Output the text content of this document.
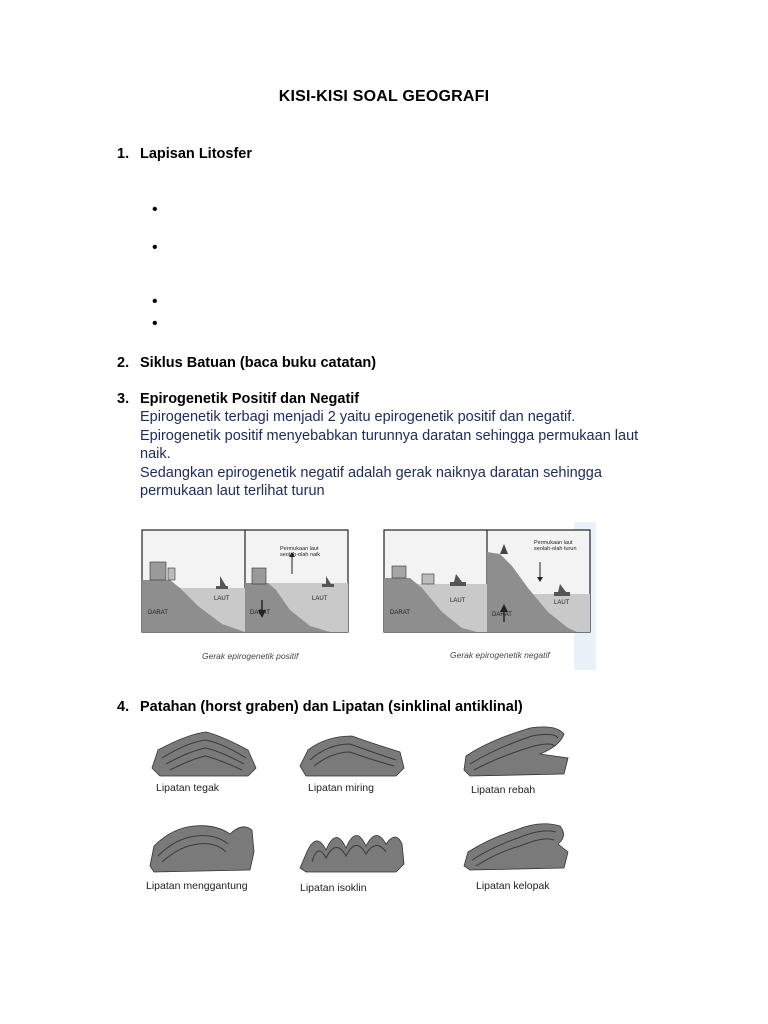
KISI-KISI SOAL GEOGRAFI
1. Lapisan Litosfer
•
•
•
•
2. Siklus Batuan (baca buku catatan)
3. Epirogenetik Positif dan Negatif
Epirogenetik terbagi menjadi 2 yaitu epirogenetik positif dan negatif.
Epirogenetik positif menyebabkan turunnya daratan sehingga permukaan laut
naik.
Sedangkan epirogenetik negatif adalah gerak naiknya daratan sehingga
permukaan laut terlihat turun
LAUT
DARAT
Permukaan laut
seolah-olah naik
LAUT
DARAT
Gerak epirogenetik positif
LAUT
DARAT
Permukaan laut
seolah-olah turun
LAUT
DARAT
Gerak epirogenetik negatif
4. Patahan (horst graben) dan Lipatan (sinklinal antiklinal)
Lipatan tegak	Lipatan miring	Lipatan rebah
Lipatan menggantung	Lipatan isoklin	Lipatan kelopak
